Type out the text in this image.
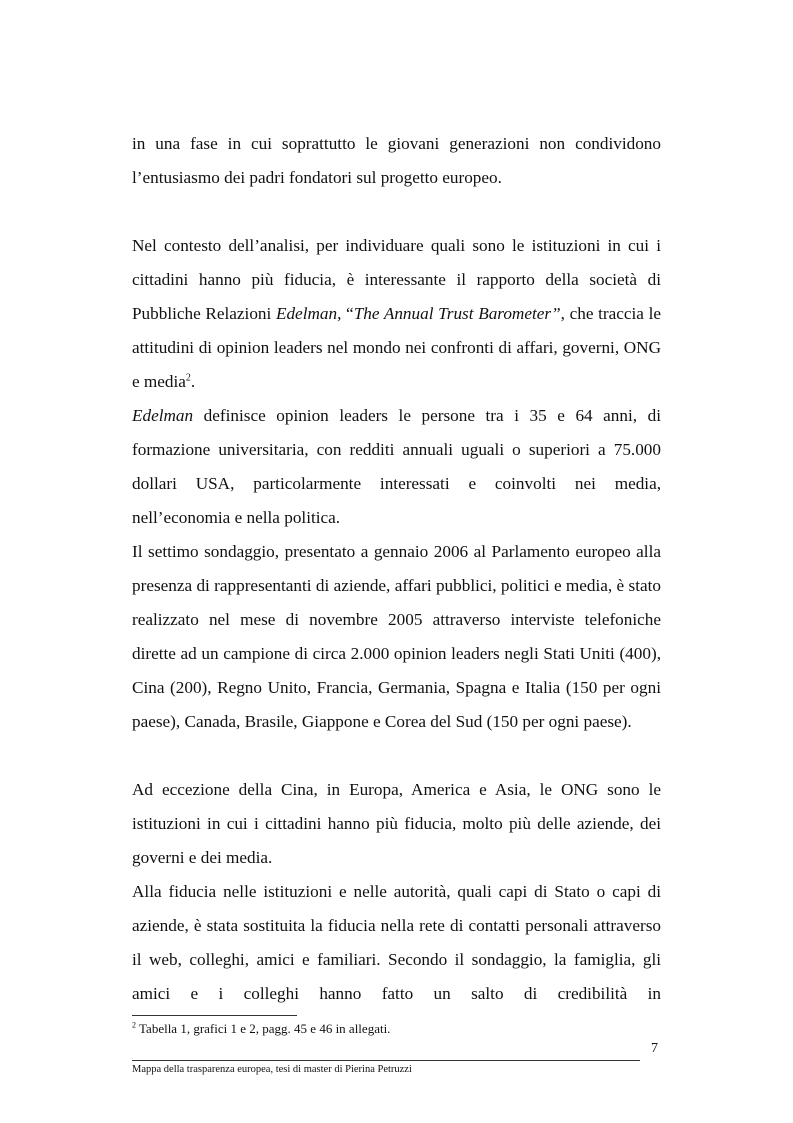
in una fase in cui soprattutto le giovani generazioni non condividono l’entusiasmo dei padri fondatori sul progetto europeo.

Nel contesto dell’analisi, per individuare quali sono le istituzioni in cui i cittadini hanno più fiducia, è interessante il rapporto della società di Pubbliche Relazioni Edelman, “The Annual Trust Barometer”, che traccia le attitudini di opinion leaders nel mondo nei confronti di affari, governi, ONG e media$^2$.

Edelman definisce opinion leaders le persone tra i 35 e 64 anni, di formazione universitaria, con redditi annuali uguali o superiori a 75.000 dollari USA, particolarmente interessati e coinvolti nei media, nell’economia e nella politica.

Il settimo sondaggio, presentato a gennaio 2006 al Parlamento europeo alla presenza di rappresentanti di aziende, affari pubblici, politici e media, è stato realizzato nel mese di novembre 2005 attraverso interviste telefoniche dirette ad un campione di circa 2.000 opinion leaders negli Stati Uniti (400), Cina (200), Regno Unito, Francia, Germania, Spagna e Italia (150 per ogni paese), Canada, Brasile, Giappone e Corea del Sud (150 per ogni paese).

Ad eccezione della Cina, in Europa, America e Asia, le ONG sono le istituzioni in cui i cittadini hanno più fiducia, molto più delle aziende, dei governi e dei media.

Alla fiducia nelle istituzioni e nelle autorità, quali capi di Stato o capi di aziende, è stata sostituita la fiducia nella rete di contatti personali attraverso il web, colleghi, amici e familiari. Secondo il sondaggio, la famiglia, gli amici e i colleghi hanno fatto un salto di credibilità in

$^2$ Tabella 1, grafici 1 e 2, pagg. 45 e 46 in allegati.
7
Mappa della trasparenza europea, tesi di master di Pierina Petruzzi
